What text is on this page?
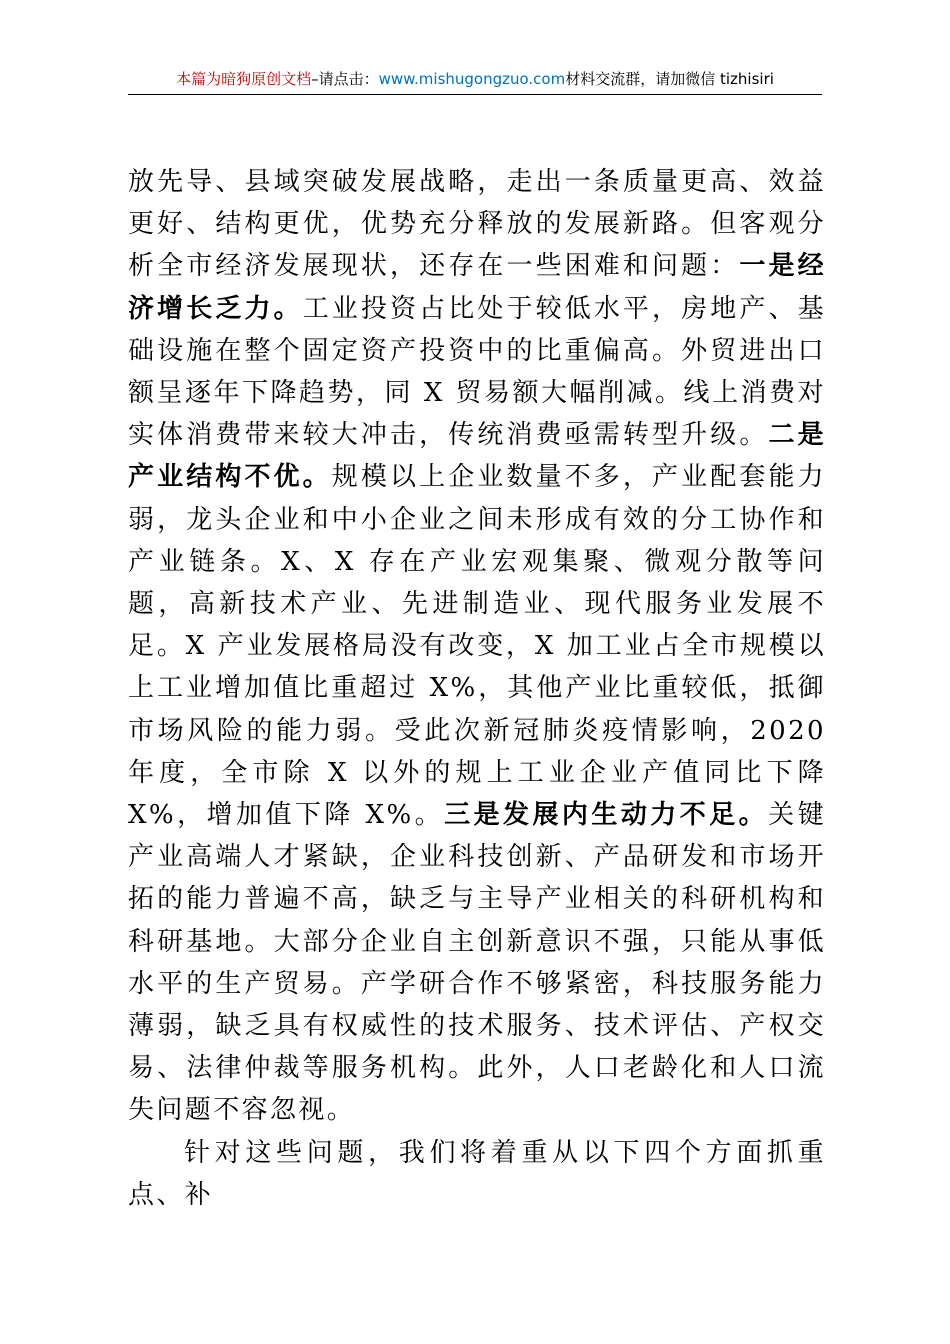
本篇为暗狗原创文档–请点击：www.mishugongzuo.com材料交流群，请加微信 tizhisiri

放先导、县域突破发展战略，走出一条质量更高、效益更好、结构更优，优势充分释放的发展新路。但客观分析全市经济发展现状，还存在一些困难和问题：一是经济增长乏力。工业投资占比处于较低水平，房地产、基础设施在整个固定资产投资中的比重偏高。外贸进出口额呈逐年下降趋势，同 X 贸易额大幅削减。线上消费对实体消费带来较大冲击，传统消费亟需转型升级。二是产业结构不优。规模以上企业数量不多，产业配套能力弱，龙头企业和中小企业之间未形成有效的分工协作和产业链条。X、X 存在产业宏观集聚、微观分散等问题，高新技术产业、先进制造业、现代服务业发展不足。X 产业发展格局没有改变，X 加工业占全市规模以上工业增加值比重超过 X%，其他产业比重较低，抵御市场风险的能力弱。受此次新冠肺炎疫情影响，2020 年度，全市除 X 以外的规上工业企业产值同比下降 X%，增加值下降 X%。三是发展内生动力不足。关键产业高端人才紧缺，企业科技创新、产品研发和市场开拓的能力普遍不高，缺乏与主导产业相关的科研机构和科研基地。大部分企业自主创新意识不强，只能从事低水平的生产贸易。产学研合作不够紧密，科技服务能力薄弱，缺乏具有权威性的技术服务、技术评估、产权交易、法律仲裁等服务机构。此外，人口老龄化和人口流失问题不容忽视。

针对这些问题，我们将着重从以下四个方面抓重点、补
